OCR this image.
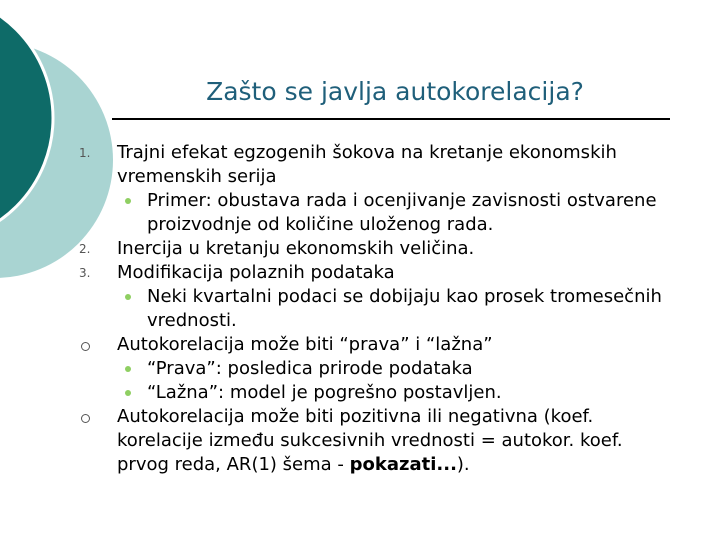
Zašto se javlja autokorelacija?
1.	Trajni efekat egzogenih šokova na kretanje ekonomskih vremenskih serija
Primer: obustava rada i ocenjivanje zavisnosti ostvarene proizvodnje od količine uloženog rada.
2.	Inercija u kretanju ekonomskih veličina.
3.	Modifikacija polaznih podataka
Neki kvartalni podaci se dobijaju kao prosek tromesečnih vrednosti.
Autokorelacija može biti “prava” i “lažna”
“Prava”: posledica prirode podataka
“Lažna”: model je pogrešno postavljen.
Autokorelacija može biti pozitivna ili negativna (koef. korelacije između sukcesivnih vrednosti = autokor. koef. prvog reda, AR(1) šema - pokazati...).
